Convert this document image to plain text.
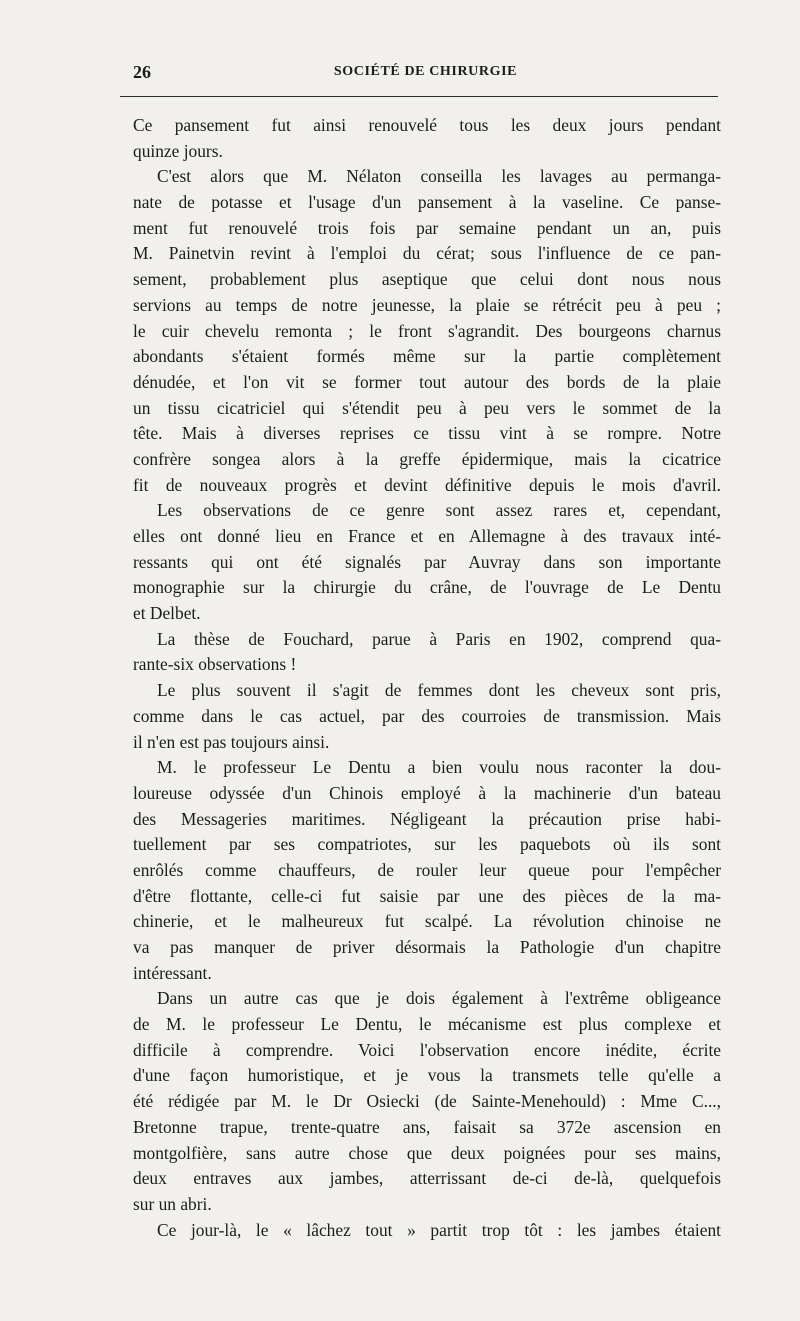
26	SOCIÉTÉ DE CHIRURGIE
Ce pansement fut ainsi renouvelé tous les deux jours pendant
quinze jours.
C'est alors que M. Nélaton conseilla les lavages au permanga-
nate de potasse et l'usage d'un pansement à la vaseline. Ce panse-
ment fut renouvelé trois fois par semaine pendant un an, puis
M. Painetvin revint à l'emploi du cérat; sous l'influence de ce pan-
sement, probablement plus aseptique que celui dont nous nous
servions au temps de notre jeunesse, la plaie se rétrécit peu à peu ;
le cuir chevelu remonta ; le front s'agrandit. Des bourgeons charnus
abondants s'étaient formés même sur la partie complètement
dénudée, et l'on vit se former tout autour des bords de la plaie
un tissu cicatriciel qui s'étendit peu à peu vers le sommet de la
tête. Mais à diverses reprises ce tissu vint à se rompre. Notre
confrère songea alors à la greffe épidermique, mais la cicatrice
fit de nouveaux progrès et devint définitive depuis le mois d'avril.
Les observations de ce genre sont assez rares et, cependant,
elles ont donné lieu en France et en Allemagne à des travaux inté-
ressants qui ont été signalés par Auvray dans son importante
monographie sur la chirurgie du crâne, de l'ouvrage de Le Dentu
et Delbet.
La thèse de Fouchard, parue à Paris en 1902, comprend qua-
rante-six observations !
Le plus souvent il s'agit de femmes dont les cheveux sont pris,
comme dans le cas actuel, par des courroies de transmission. Mais
il n'en est pas toujours ainsi.
M. le professeur Le Dentu a bien voulu nous raconter la dou-
loureuse odyssée d'un Chinois employé à la machinerie d'un bateau
des Messageries maritimes. Négligeant la précaution prise habi-
tuellement par ses compatriotes, sur les paquebots où ils sont
enrôlés comme chauffeurs, de rouler leur queue pour l'empêcher
d'être flottante, celle-ci fut saisie par une des pièces de la ma-
chinerie, et le malheureux fut scalpé. La révolution chinoise ne
va pas manquer de priver désormais la Pathologie d'un chapitre
intéressant.
Dans un autre cas que je dois également à l'extrême obligeance
de M. le professeur Le Dentu, le mécanisme est plus complexe et
difficile à comprendre. Voici l'observation encore inédite, écrite
d'une façon humoristique, et je vous la transmets telle qu'elle a
été rédigée par M. le Dr Osiecki (de Sainte-Menehould) : Mme C...,
Bretonne trapue, trente-quatre ans, faisait sa 372e ascension en
montgolfière, sans autre chose que deux poignées pour ses mains,
deux entraves aux jambes, atterrissant de-ci de-là, quelquefois
sur un abri.
Ce jour-là, le « lâchez tout » partit trop tôt : les jambes étaient
